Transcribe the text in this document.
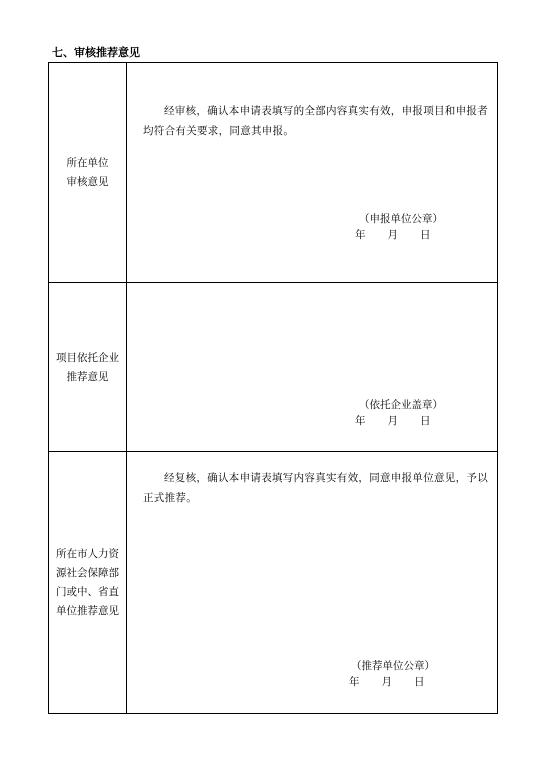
七、审核推荐意见
所在单位
审核意见
经审核，确认本申请表填写的全部内容真实有效，申报项目和申报者均符合有关要求，同意其申报。
（申报单位公章）
年 月 日
项目依托企业
推荐意见
（依托企业盖章）
年 月 日
所在市人力资
源社会保障部
门或中、省直
单位推荐意见
经复核，确认本申请表填写内容真实有效，同意申报单位意见，予以正式推荐。
（推荐单位公章）
年 月 日
